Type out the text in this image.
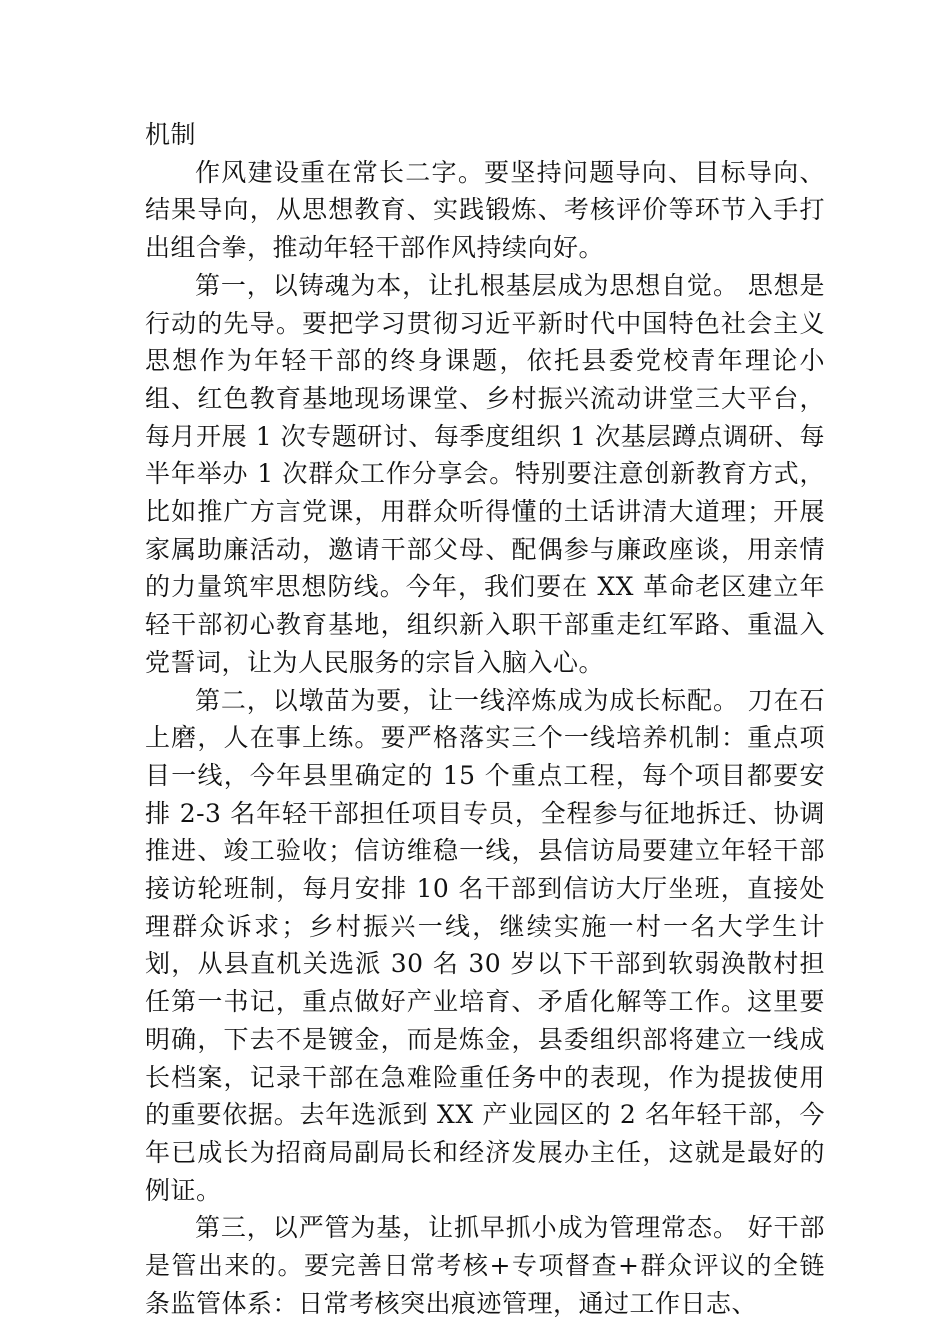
机制

作风建设重在常长二字。要坚持问题导向、目标导向、结果导向，从思想教育、实践锻炼、考核评价等环节入手打出组合拳，推动年轻干部作风持续向好。

第一，以铸魂为本，让扎根基层成为思想自觉。 思想是行动的先导。要把学习贯彻习近平新时代中国特色社会主义思想作为年轻干部的终身课题，依托县委党校青年理论小组、红色教育基地现场课堂、乡村振兴流动讲堂三大平台，每月开展 1 次专题研讨、每季度组织 1 次基层蹲点调研、每半年举办 1 次群众工作分享会。特别要注意创新教育方式，比如推广方言党课，用群众听得懂的土话讲清大道理；开展家属助廉活动，邀请干部父母、配偶参与廉政座谈，用亲情的力量筑牢思想防线。今年，我们要在 XX 革命老区建立年轻干部初心教育基地，组织新入职干部重走红军路、重温入党誓词，让为人民服务的宗旨入脑入心。

第二，以墩苗为要，让一线淬炼成为成长标配。 刀在石上磨，人在事上练。要严格落实三个一线培养机制：重点项目一线，今年县里确定的 15 个重点工程，每个项目都要安排 2-3 名年轻干部担任项目专员，全程参与征地拆迁、协调推进、竣工验收；信访维稳一线，县信访局要建立年轻干部接访轮班制，每月安排 10 名干部到信访大厅坐班，直接处理群众诉求；乡村振兴一线，继续实施一村一名大学生计划，从县直机关选派 30 名 30 岁以下干部到软弱涣散村担任第一书记，重点做好产业培育、矛盾化解等工作。这里要明确，下去不是镀金，而是炼金，县委组织部将建立一线成长档案，记录干部在急难险重任务中的表现，作为提拔使用的重要依据。去年选派到 XX 产业园区的 2 名年轻干部，今年已成长为招商局副局长和经济发展办主任，这就是最好的例证。

第三，以严管为基，让抓早抓小成为管理常态。 好干部是管出来的。要完善日常考核+专项督查+群众评议的全链条监管体系：日常考核突出痕迹管理，通过工作日志、
